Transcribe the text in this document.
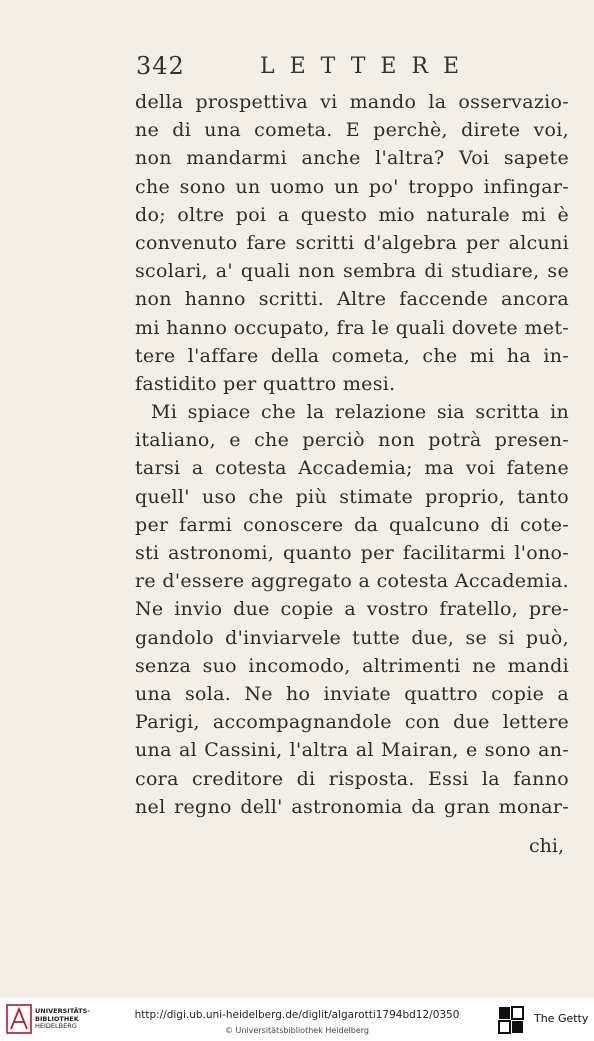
342	LETTERE
della prospettiva vi mando la osservazio-
ne di una cometa. E perchè, direte voi,
non mandarmi anche l'altra? Voi sapete
che sono un uomo un po' troppo infingar-
do; oltre poi a questo mio naturale mi è
convenuto fare scritti d'algebra per alcuni
scolari, a' quali non sembra di studiare, se
non hanno scritti. Altre faccende ancora
mi hanno occupato, fra le quali dovete met-
tere l'affare della cometa, che mi ha in-
fastidito per quattro mesi.
Mi spiace che la relazione sia scritta in
italiano, e che perciò non potrà presen-
tarsi a cotesta Accademia; ma voi fatene
quell' uso che più stimate proprio, tanto
per farmi conoscere da qualcuno di cote-
sti astronomi, quanto per facilitarmi l'ono-
re d'essere aggregato a cotesta Accademia.
Ne invio due copie a vostro fratello, pre-
gandolo d'inviarvele tutte due, se si può,
senza suo incomodo, altrimenti ne mandi
una sola. Ne ho inviate quattro copie a
Parigi, accompagnandole con due lettere
una al Cassini, l'altra al Mairan, e sono an-
cora creditore di risposta. Essi la fanno
nel regno dell' astronomia da gran monar-
chi,
UNIVERSITÄTS-
BIBLIOTHEK
HEIDELBERG
http://digi.ub.uni-heidelberg.de/diglit/algarotti1794bd12/0350
© Universitätsbibliothek Heidelberg
The Getty
